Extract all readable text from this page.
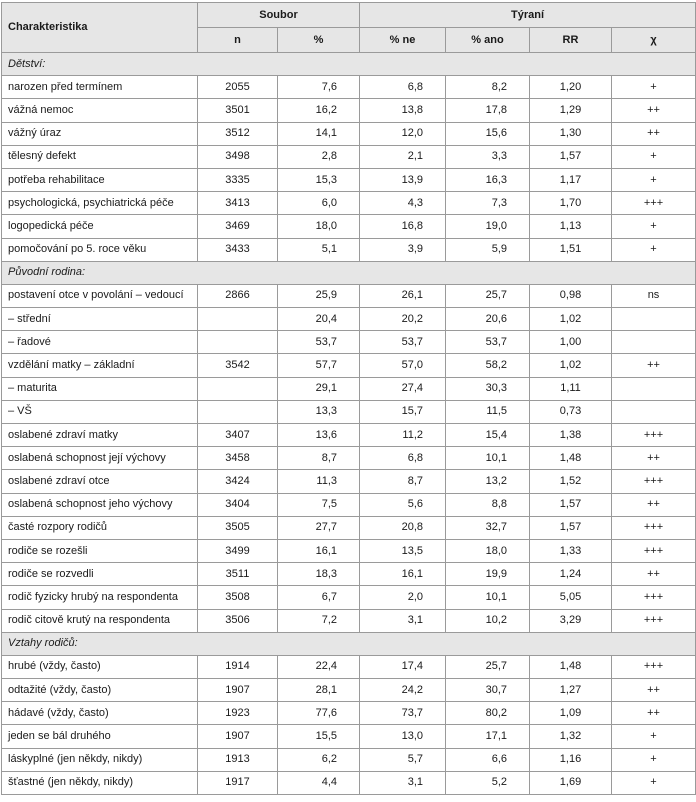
Charakteristika	Soubor		Týraní			
	n	%	% ne	% ano	RR	χ
Dětství:						
narozen před termínem	2055	7,6	6,8	8,2	1,20	+
vážná nemoc	3501	16,2	13,8	17,8	1,29	++
vážný úraz	3512	14,1	12,0	15,6	1,30	++
tělesný defekt	3498	2,8	2,1	3,3	1,57	+
potřeba rehabilitace	3335	15,3	13,9	16,3	1,17	+
psychologická, psychiatrická péče	3413	6,0	4,3	7,3	1,70	+++
logopedická péče	3469	18,0	16,8	19,0	1,13	+
pomočování po 5. roce věku	3433	5,1	3,9	5,9	1,51	+
Původní rodina:						
postavení otce v povolání – vedoucí	2866	25,9	26,1	25,7	0,98	ns
– střední		20,4	20,2	20,6	1,02	
– řadové		53,7	53,7	53,7	1,00	
vzdělání matky – základní	3542	57,7	57,0	58,2	1,02	++
– maturita		29,1	27,4	30,3	1,11	
– VŠ		13,3	15,7	11,5	0,73	
oslabené zdraví matky	3407	13,6	11,2	15,4	1,38	+++
oslabená schopnost její výchovy	3458	8,7	6,8	10,1	1,48	++
oslabené zdraví otce	3424	11,3	8,7	13,2	1,52	+++
oslabená schopnost jeho výchovy	3404	7,5	5,6	8,8	1,57	++
časté rozpory rodičů	3505	27,7	20,8	32,7	1,57	+++
rodiče se rozešli	3499	16,1	13,5	18,0	1,33	+++
rodiče se rozvedli	3511	18,3	16,1	19,9	1,24	++
rodič fyzicky hrubý na respondenta	3508	6,7	2,0	10,1	5,05	+++
rodič citově krutý na respondenta	3506	7,2	3,1	10,2	3,29	+++
Vztahy rodičů:						
hrubé (vždy, často)	1914	22,4	17,4	25,7	1,48	+++
odtažité (vždy, často)	1907	28,1	24,2	30,7	1,27	++
hádavé (vždy, často)	1923	77,6	73,7	80,2	1,09	++
jeden se bál druhého	1907	15,5	13,0	17,1	1,32	+
láskyplné (jen někdy, nikdy)	1913	6,2	5,7	6,6	1,16	+
šťastné (jen někdy, nikdy)	1917	4,4	3,1	5,2	1,69	+
